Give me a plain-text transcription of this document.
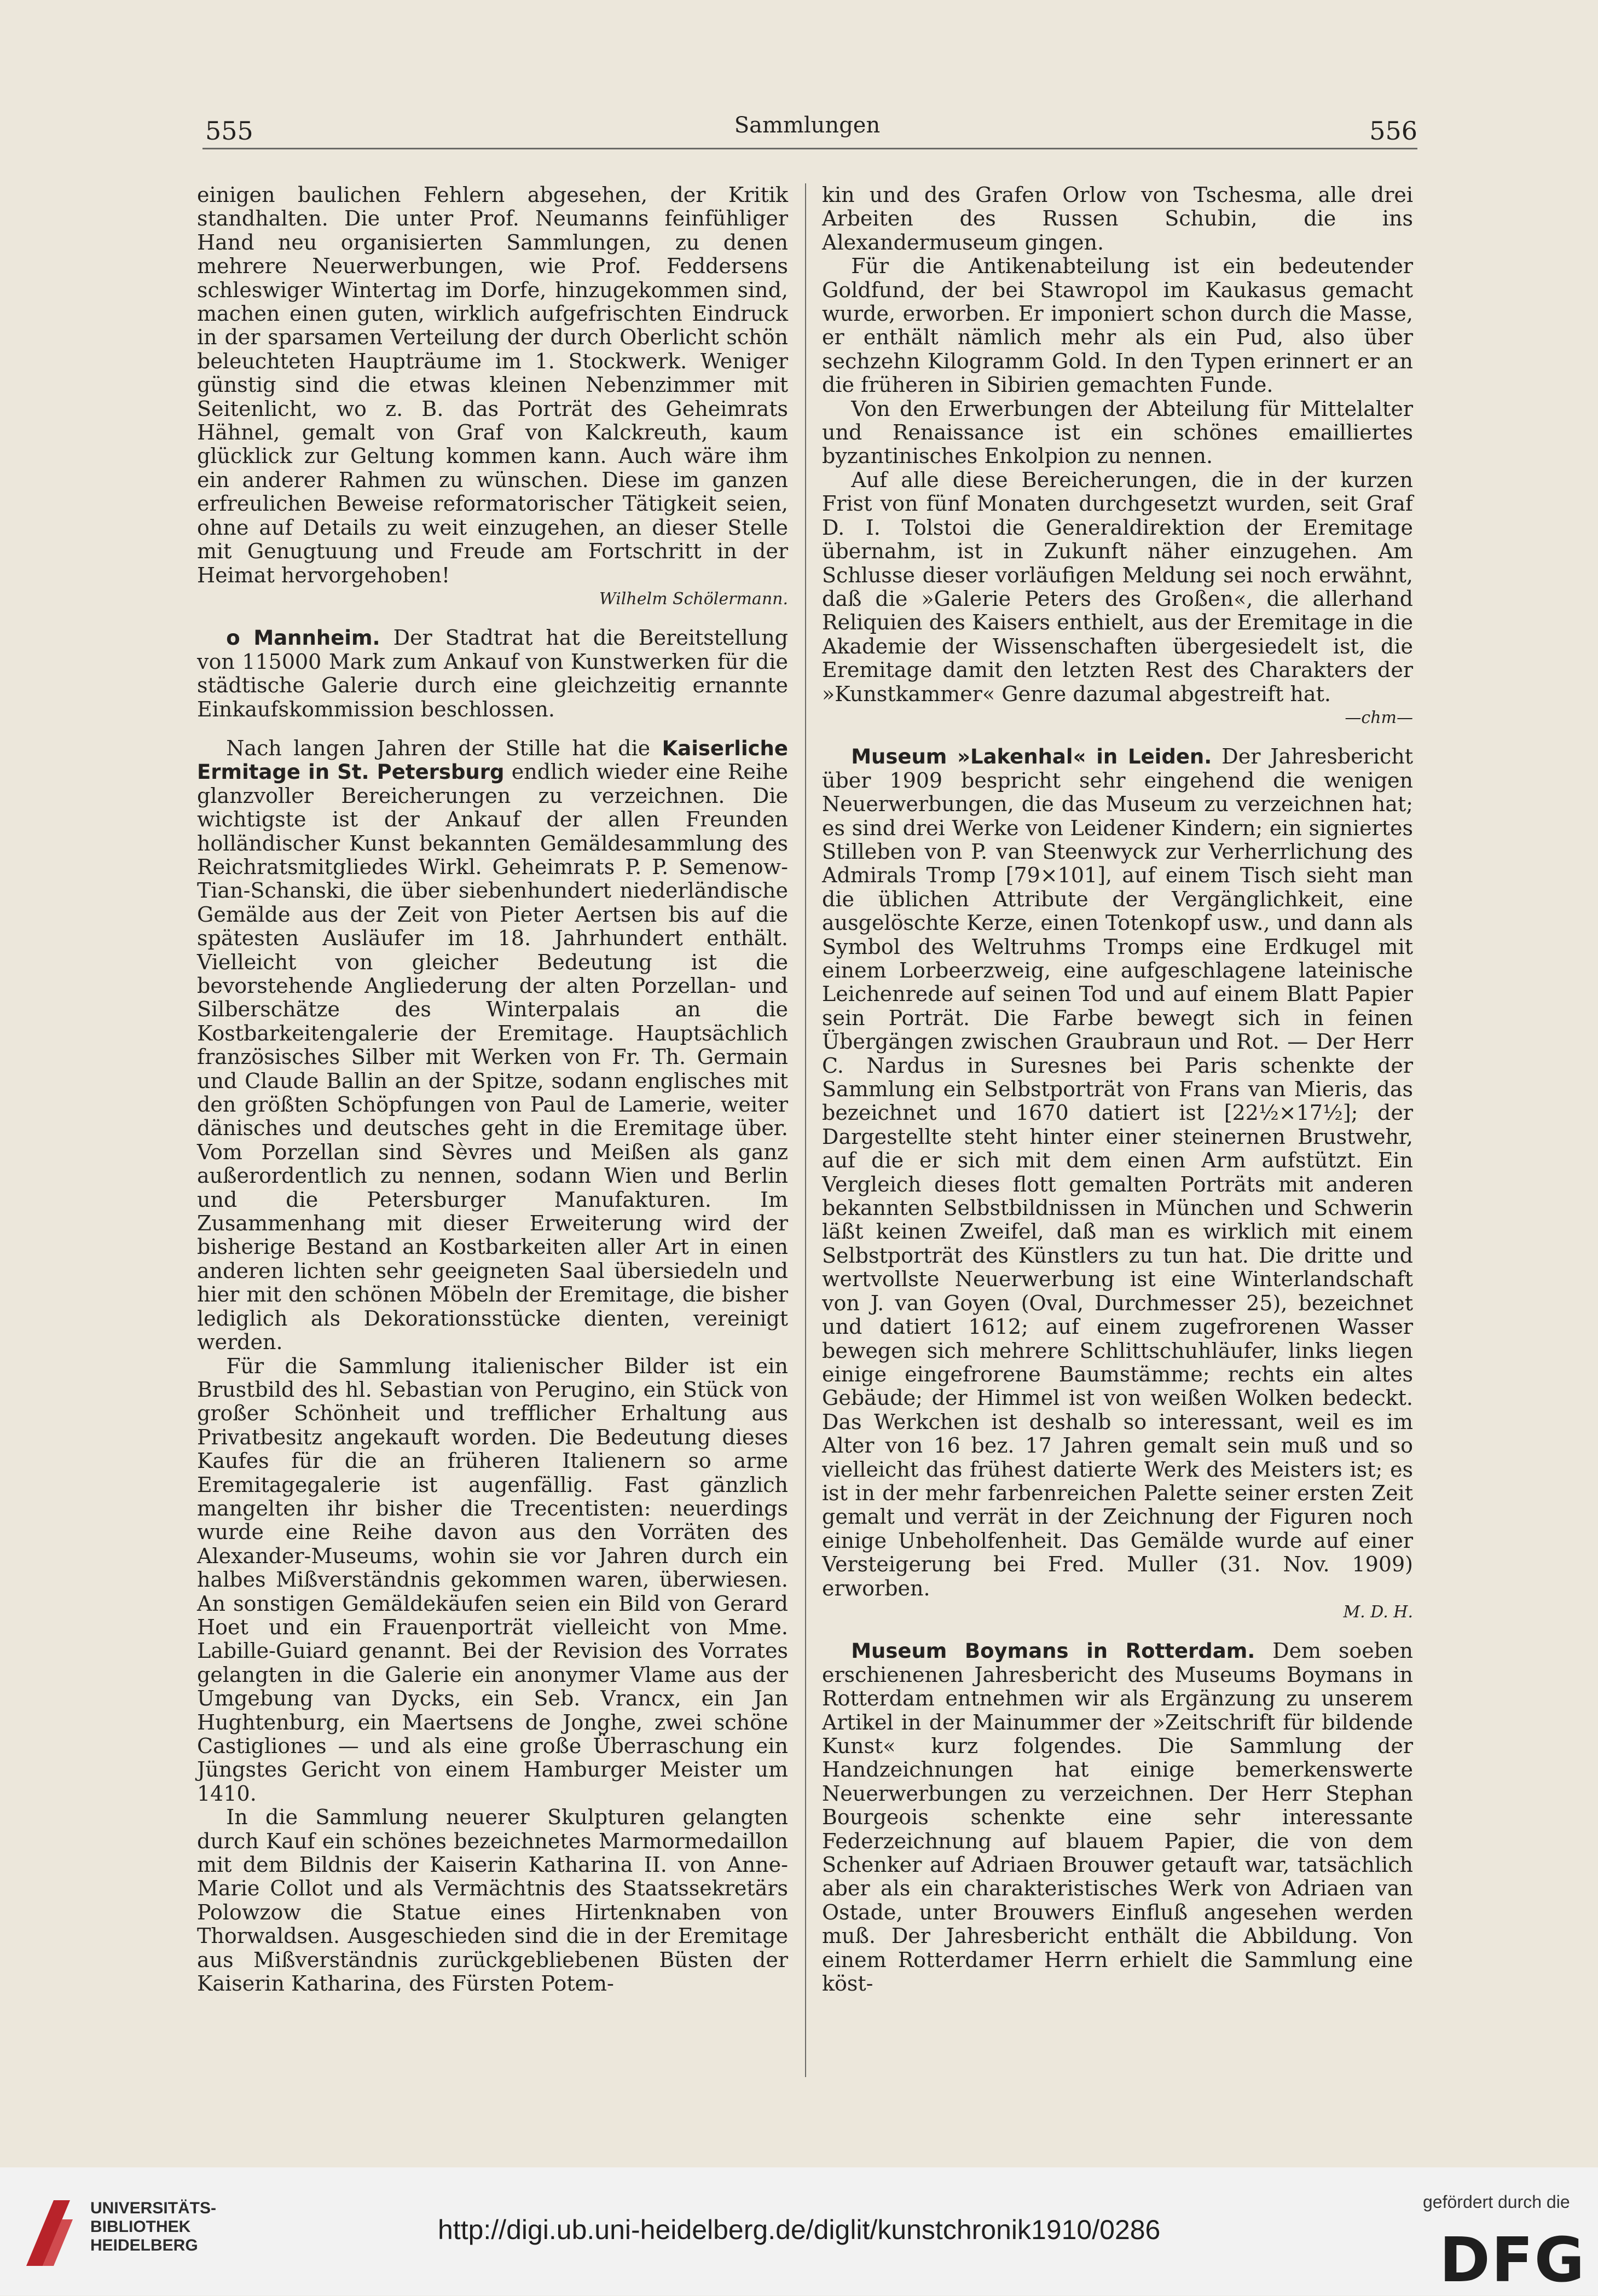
555	Sammlungen	556

einigen baulichen Fehlern abgesehen, der Kritik standhalten. Die unter Prof. Neumanns feinfühliger Hand neu organisierten Sammlungen, zu denen mehrere Neuerwerbungen, wie Prof. Feddersens schleswiger Wintertag im Dorfe, hinzugekommen sind, machen einen guten, wirklich aufgefrischten Eindruck in der sparsamen Verteilung der durch Oberlicht schön beleuchteten Haupträume im 1. Stockwerk. Weniger günstig sind die etwas kleinen Nebenzimmer mit Seitenlicht, wo z. B. das Porträt des Geheimrats Hähnel, gemalt von Graf von Kalckreuth, kaum glücklick zur Geltung kommen kann. Auch wäre ihm ein anderer Rahmen zu wünschen. Diese im ganzen erfreulichen Beweise reformatorischer Tätigkeit seien, ohne auf Details zu weit einzugehen, an dieser Stelle mit Genugtuung und Freude am Fortschritt in der Heimat hervorgehoben!

Wilhelm Schölermann.

o Mannheim. Der Stadtrat hat die Bereitstellung von 115000 Mark zum Ankauf von Kunstwerken für die städtische Galerie durch eine gleichzeitig ernannte Einkaufskommission beschlossen.

Nach langen Jahren der Stille hat die Kaiserliche Ermitage in St. Petersburg endlich wieder eine Reihe glanzvoller Bereicherungen zu verzeichnen. Die wichtigste ist der Ankauf der allen Freunden holländischer Kunst bekannten Gemäldesammlung des Reichratsmitgliedes Wirkl. Geheimrats P. P. Semenow-Tian-Schanski, die über siebenhundert niederländische Gemälde aus der Zeit von Pieter Aertsen bis auf die spätesten Ausläufer im 18. Jahrhundert enthält. Vielleicht von gleicher Bedeutung ist die bevorstehende Angliederung der alten Porzellan- und Silberschätze des Winterpalais an die Kostbarkeitengalerie der Eremitage. Hauptsächlich französisches Silber mit Werken von Fr. Th. Germain und Claude Ballin an der Spitze, sodann englisches mit den größten Schöpfungen von Paul de Lamerie, weiter dänisches und deutsches geht in die Eremitage über. Vom Porzellan sind Sèvres und Meißen als ganz außerordentlich zu nennen, sodann Wien und Berlin und die Petersburger Manufakturen. Im Zusammenhang mit dieser Erweiterung wird der bisherige Bestand an Kostbarkeiten aller Art in einen anderen lichten sehr geeigneten Saal übersiedeln und hier mit den schönen Möbeln der Eremitage, die bisher lediglich als Dekorationsstücke dienten, vereinigt werden.

Für die Sammlung italienischer Bilder ist ein Brustbild des hl. Sebastian von Perugino, ein Stück von großer Schönheit und trefflicher Erhaltung aus Privatbesitz angekauft worden. Die Bedeutung dieses Kaufes für die an früheren Italienern so arme Eremitagegalerie ist augenfällig. Fast gänzlich mangelten ihr bisher die Trecentisten: neuerdings wurde eine Reihe davon aus den Vorräten des Alexander-Museums, wohin sie vor Jahren durch ein halbes Mißverständnis gekommen waren, überwiesen. An sonstigen Gemäldekäufen seien ein Bild von Gerard Hoet und ein Frauenporträt vielleicht von Mme. Labille-Guiard genannt. Bei der Revision des Vorrates gelangten in die Galerie ein anonymer Vlame aus der Umgebung van Dycks, ein Seb. Vrancx, ein Jan Hughtenburg, ein Maertsens de Jonghe, zwei schöne Castigliones — und als eine große Überraschung ein Jüngstes Gericht von einem Hamburger Meister um 1410.

In die Sammlung neuerer Skulpturen gelangten durch Kauf ein schönes bezeichnetes Marmormedaillon mit dem Bildnis der Kaiserin Katharina II. von Anne-Marie Collot und als Vermächtnis des Staatssekretärs Polowzow die Statue eines Hirtenknaben von Thorwaldsen. Ausgeschieden sind die in der Eremitage aus Mißverständnis zurückgebliebenen Büsten der Kaiserin Katharina, des Fürsten Potem-

kin und des Grafen Orlow von Tschesma, alle drei Arbeiten des Russen Schubin, die ins Alexandermuseum gingen.

Für die Antikenabteilung ist ein bedeutender Goldfund, der bei Stawropol im Kaukasus gemacht wurde, erworben. Er imponiert schon durch die Masse, er enthält nämlich mehr als ein Pud, also über sechzehn Kilogramm Gold. In den Typen erinnert er an die früheren in Sibirien gemachten Funde.

Von den Erwerbungen der Abteilung für Mittelalter und Renaissance ist ein schönes emailliertes byzantinisches Enkolpion zu nennen.

Auf alle diese Bereicherungen, die in der kurzen Frist von fünf Monaten durchgesetzt wurden, seit Graf D. I. Tolstoi die Generaldirektion der Eremitage übernahm, ist in Zukunft näher einzugehen. Am Schlusse dieser vorläufigen Meldung sei noch erwähnt, daß die »Galerie Peters des Großen«, die allerhand Reliquien des Kaisers enthielt, aus der Eremitage in die Akademie der Wissenschaften übergesiedelt ist, die Eremitage damit den letzten Rest des Charakters der »Kunstkammer« Genre dazumal abgestreift hat.

—chm—

Museum »Lakenhal« in Leiden. Der Jahresbericht über 1909 bespricht sehr eingehend die wenigen Neuerwerbungen, die das Museum zu verzeichnen hat; es sind drei Werke von Leidener Kindern; ein signiertes Stilleben von P. van Steenwyck zur Verherrlichung des Admirals Tromp [79×101], auf einem Tisch sieht man die üblichen Attribute der Vergänglichkeit, eine ausgelöschte Kerze, einen Totenkopf usw., und dann als Symbol des Weltruhms Tromps eine Erdkugel mit einem Lorbeerzweig, eine aufgeschlagene lateinische Leichenrede auf seinen Tod und auf einem Blatt Papier sein Porträt. Die Farbe bewegt sich in feinen Übergängen zwischen Graubraun und Rot. — Der Herr C. Nardus in Suresnes bei Paris schenkte der Sammlung ein Selbstporträt von Frans van Mieris, das bezeichnet und 1670 datiert ist [22½×17½]; der Dargestellte steht hinter einer steinernen Brustwehr, auf die er sich mit dem einen Arm aufstützt. Ein Vergleich dieses flott gemalten Porträts mit anderen bekannten Selbstbildnissen in München und Schwerin läßt keinen Zweifel, daß man es wirklich mit einem Selbstporträt des Künstlers zu tun hat. Die dritte und wertvollste Neuerwerbung ist eine Winterlandschaft von J. van Goyen (Oval, Durchmesser 25), bezeichnet und datiert 1612; auf einem zugefrorenen Wasser bewegen sich mehrere Schlittschuhläufer, links liegen einige eingefrorene Baumstämme; rechts ein altes Gebäude; der Himmel ist von weißen Wolken bedeckt. Das Werkchen ist deshalb so interessant, weil es im Alter von 16 bez. 17 Jahren gemalt sein muß und so vielleicht das frühest datierte Werk des Meisters ist; es ist in der mehr farbenreichen Palette seiner ersten Zeit gemalt und verrät in der Zeichnung der Figuren noch einige Unbeholfenheit. Das Gemälde wurde auf einer Versteigerung bei Fred. Muller (31. Nov. 1909) erworben.

M. D. H.

Museum Boymans in Rotterdam. Dem soeben erschienenen Jahresbericht des Museums Boymans in Rotterdam entnehmen wir als Ergänzung zu unserem Artikel in der Mainummer der »Zeitschrift für bildende Kunst« kurz folgendes. Die Sammlung der Handzeichnungen hat einige bemerkenswerte Neuerwerbungen zu verzeichnen. Der Herr Stephan Bourgeois schenkte eine sehr interessante Federzeichnung auf blauem Papier, die von dem Schenker auf Adriaen Brouwer getauft war, tatsächlich aber als ein charakteristisches Werk von Adriaen van Ostade, unter Brouwers Einfluß angesehen werden muß. Der Jahresbericht enthält die Abbildung. Von einem Rotterdamer Herrn erhielt die Sammlung eine köst-

UNIVERSITÄTS-
BIBLIOTHEK
HEIDELBERG
http://digi.ub.uni-heidelberg.de/diglit/kunstchronik1910/0286
gefördert durch die
DFG
